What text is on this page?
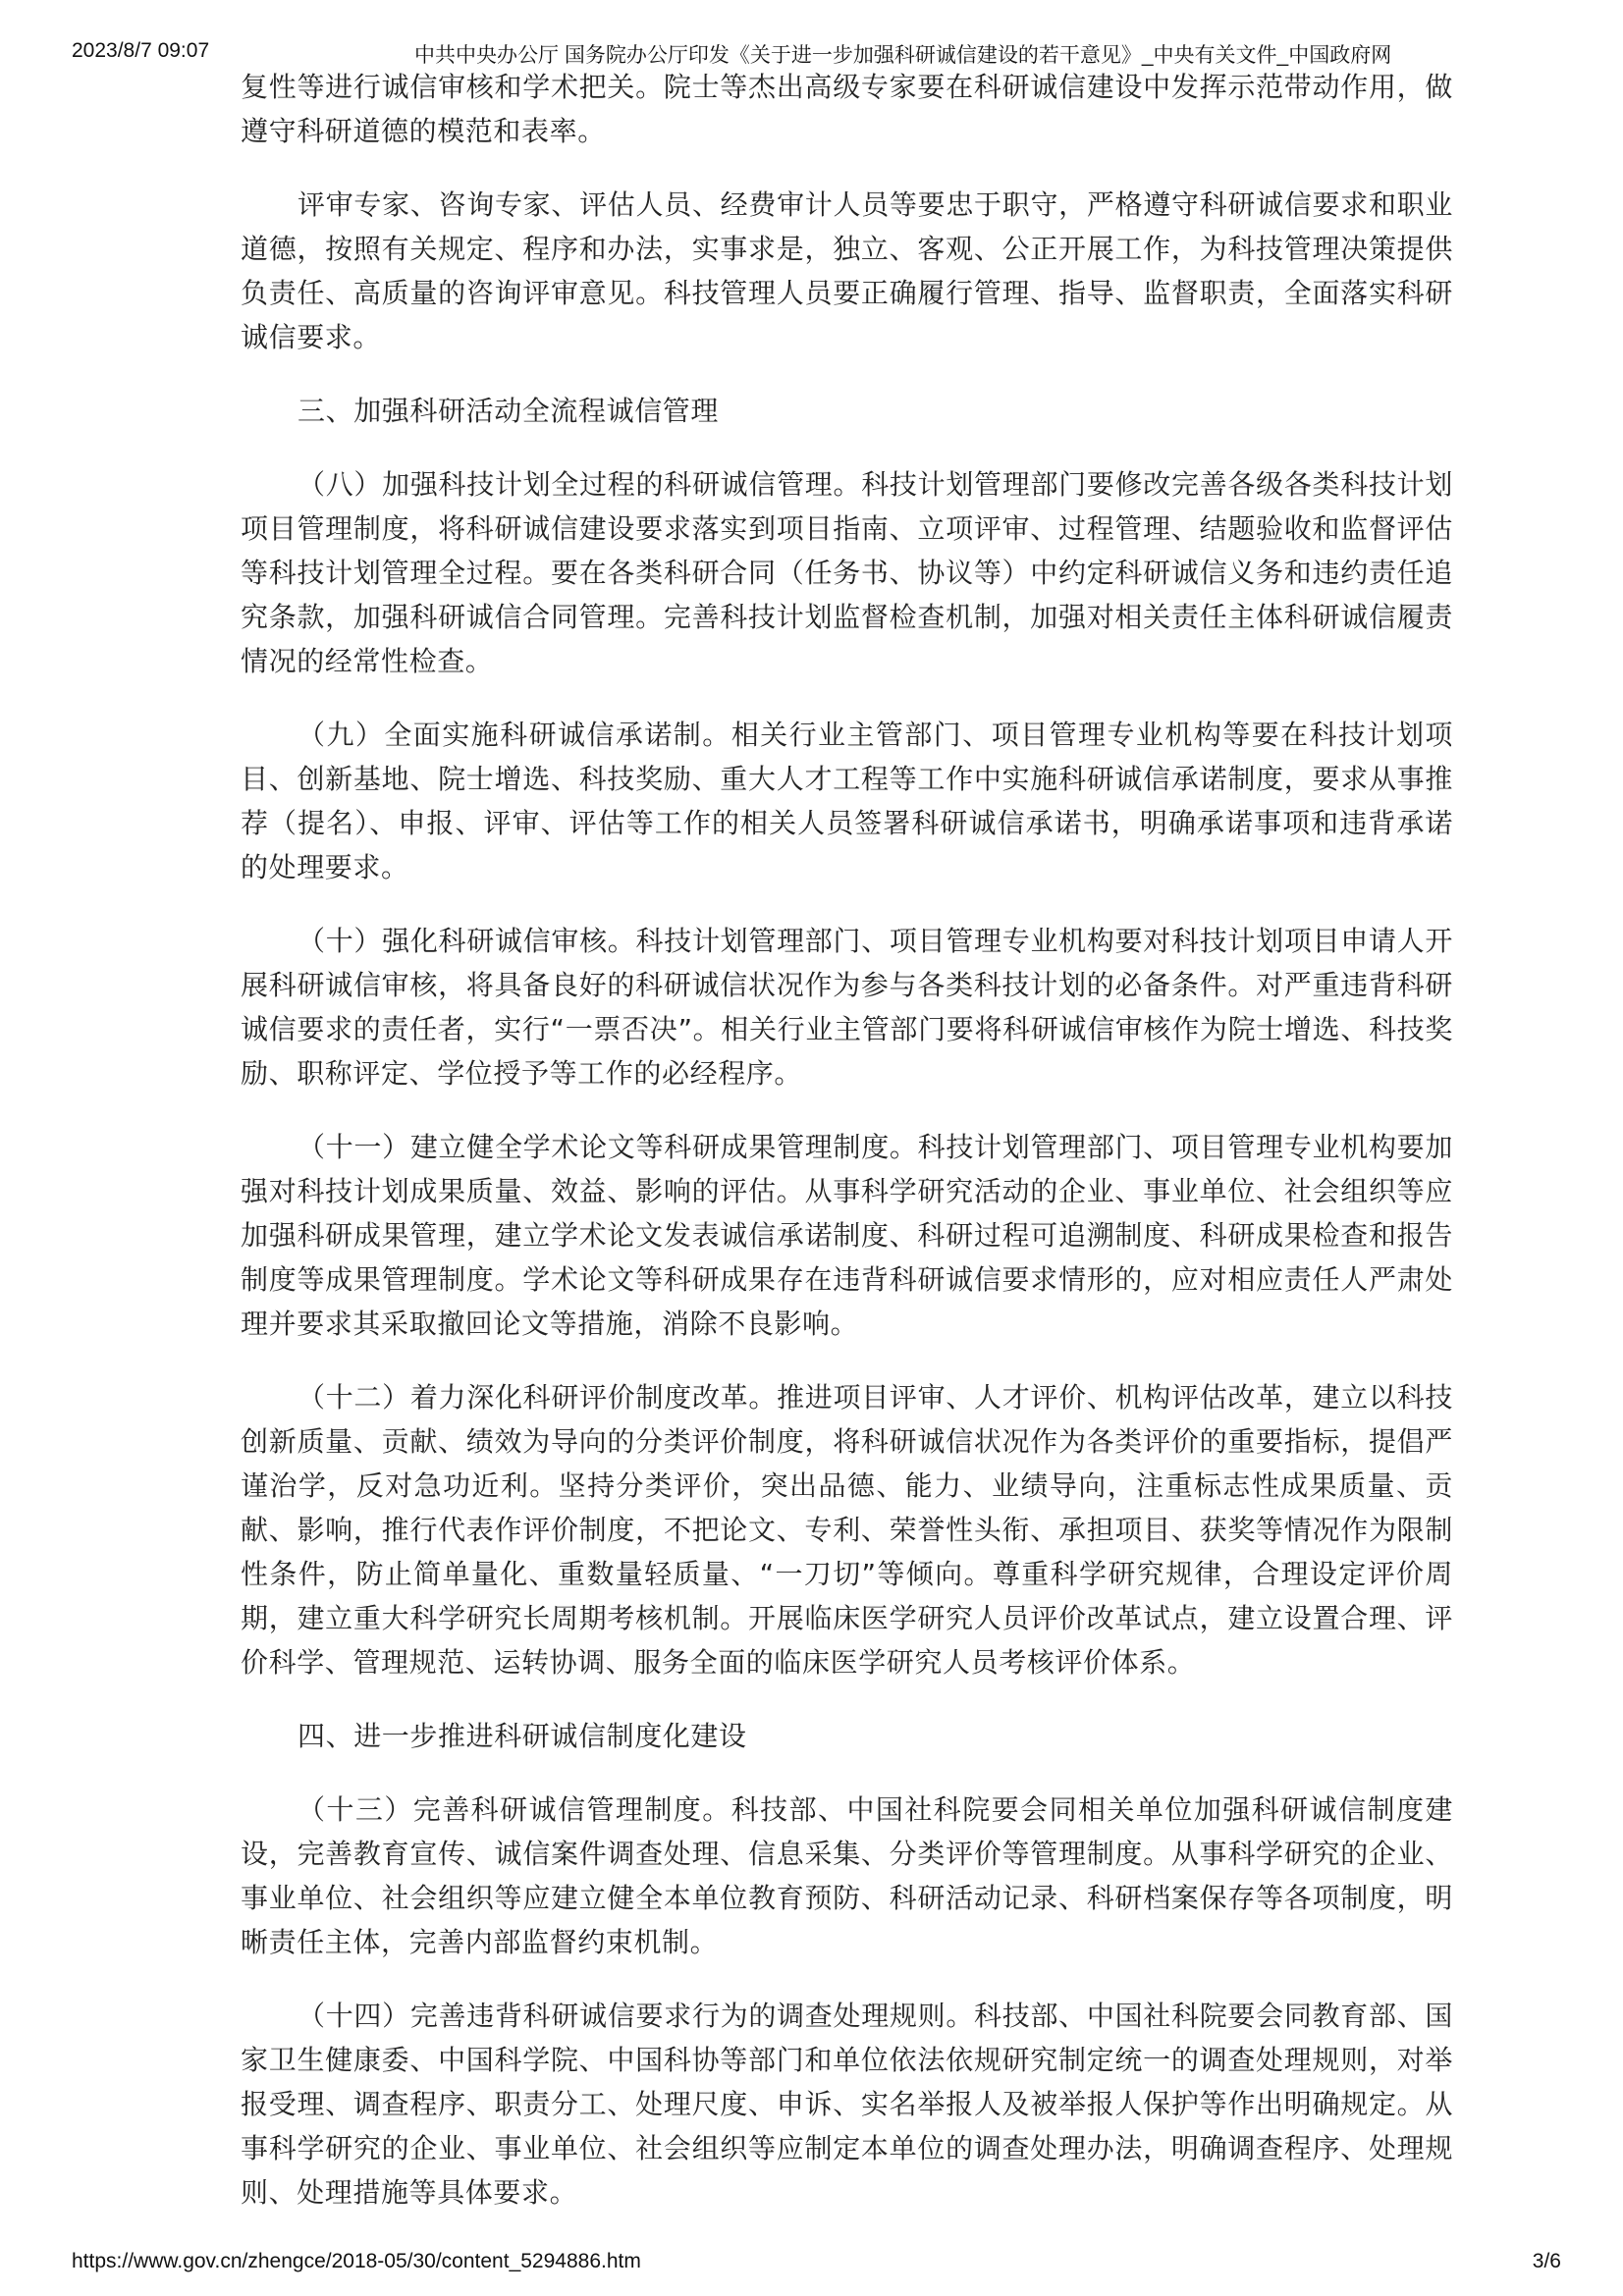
2023/8/7 09:07	中共中央办公厅 国务院办公厅印发《关于进一步加强科研诚信建设的若干意见》_中央有关文件_中国政府网

复性等进行诚信审核和学术把关。院士等杰出高级专家要在科研诚信建设中发挥示范带动作用，做遵守科研道德的模范和表率。

评审专家、咨询专家、评估人员、经费审计人员等要忠于职守，严格遵守科研诚信要求和职业道德，按照有关规定、程序和办法，实事求是，独立、客观、公正开展工作，为科技管理决策提供负责任、高质量的咨询评审意见。科技管理人员要正确履行管理、指导、监督职责，全面落实科研诚信要求。

三、加强科研活动全流程诚信管理

（八）加强科技计划全过程的科研诚信管理。科技计划管理部门要修改完善各级各类科技计划项目管理制度，将科研诚信建设要求落实到项目指南、立项评审、过程管理、结题验收和监督评估等科技计划管理全过程。要在各类科研合同（任务书、协议等）中约定科研诚信义务和违约责任追究条款，加强科研诚信合同管理。完善科技计划监督检查机制，加强对相关责任主体科研诚信履责情况的经常性检查。

（九）全面实施科研诚信承诺制。相关行业主管部门、项目管理专业机构等要在科技计划项目、创新基地、院士增选、科技奖励、重大人才工程等工作中实施科研诚信承诺制度，要求从事推荐（提名）、申报、评审、评估等工作的相关人员签署科研诚信承诺书，明确承诺事项和违背承诺的处理要求。

（十）强化科研诚信审核。科技计划管理部门、项目管理专业机构要对科技计划项目申请人开展科研诚信审核，将具备良好的科研诚信状况作为参与各类科技计划的必备条件。对严重违背科研诚信要求的责任者，实行“一票否决”。相关行业主管部门要将科研诚信审核作为院士增选、科技奖励、职称评定、学位授予等工作的必经程序。

（十一）建立健全学术论文等科研成果管理制度。科技计划管理部门、项目管理专业机构要加强对科技计划成果质量、效益、影响的评估。从事科学研究活动的企业、事业单位、社会组织等应加强科研成果管理，建立学术论文发表诚信承诺制度、科研过程可追溯制度、科研成果检查和报告制度等成果管理制度。学术论文等科研成果存在违背科研诚信要求情形的，应对相应责任人严肃处理并要求其采取撤回论文等措施，消除不良影响。

（十二）着力深化科研评价制度改革。推进项目评审、人才评价、机构评估改革，建立以科技创新质量、贡献、绩效为导向的分类评价制度，将科研诚信状况作为各类评价的重要指标，提倡严谨治学，反对急功近利。坚持分类评价，突出品德、能力、业绩导向，注重标志性成果质量、贡献、影响，推行代表作评价制度，不把论文、专利、荣誉性头衔、承担项目、获奖等情况作为限制性条件，防止简单量化、重数量轻质量、“一刀切”等倾向。尊重科学研究规律，合理设定评价周期，建立重大科学研究长周期考核机制。开展临床医学研究人员评价改革试点，建立设置合理、评价科学、管理规范、运转协调、服务全面的临床医学研究人员考核评价体系。

四、进一步推进科研诚信制度化建设

（十三）完善科研诚信管理制度。科技部、中国社科院要会同相关单位加强科研诚信制度建设，完善教育宣传、诚信案件调查处理、信息采集、分类评价等管理制度。从事科学研究的企业、事业单位、社会组织等应建立健全本单位教育预防、科研活动记录、科研档案保存等各项制度，明晰责任主体，完善内部监督约束机制。

（十四）完善违背科研诚信要求行为的调查处理规则。科技部、中国社科院要会同教育部、国家卫生健康委、中国科学院、中国科协等部门和单位依法依规研究制定统一的调查处理规则，对举报受理、调查程序、职责分工、处理尺度、申诉、实名举报人及被举报人保护等作出明确规定。从事科学研究的企业、事业单位、社会组织等应制定本单位的调查处理办法，明确调查程序、处理规则、处理措施等具体要求。

https://www.gov.cn/zhengce/2018-05/30/content_5294886.htm	3/6
